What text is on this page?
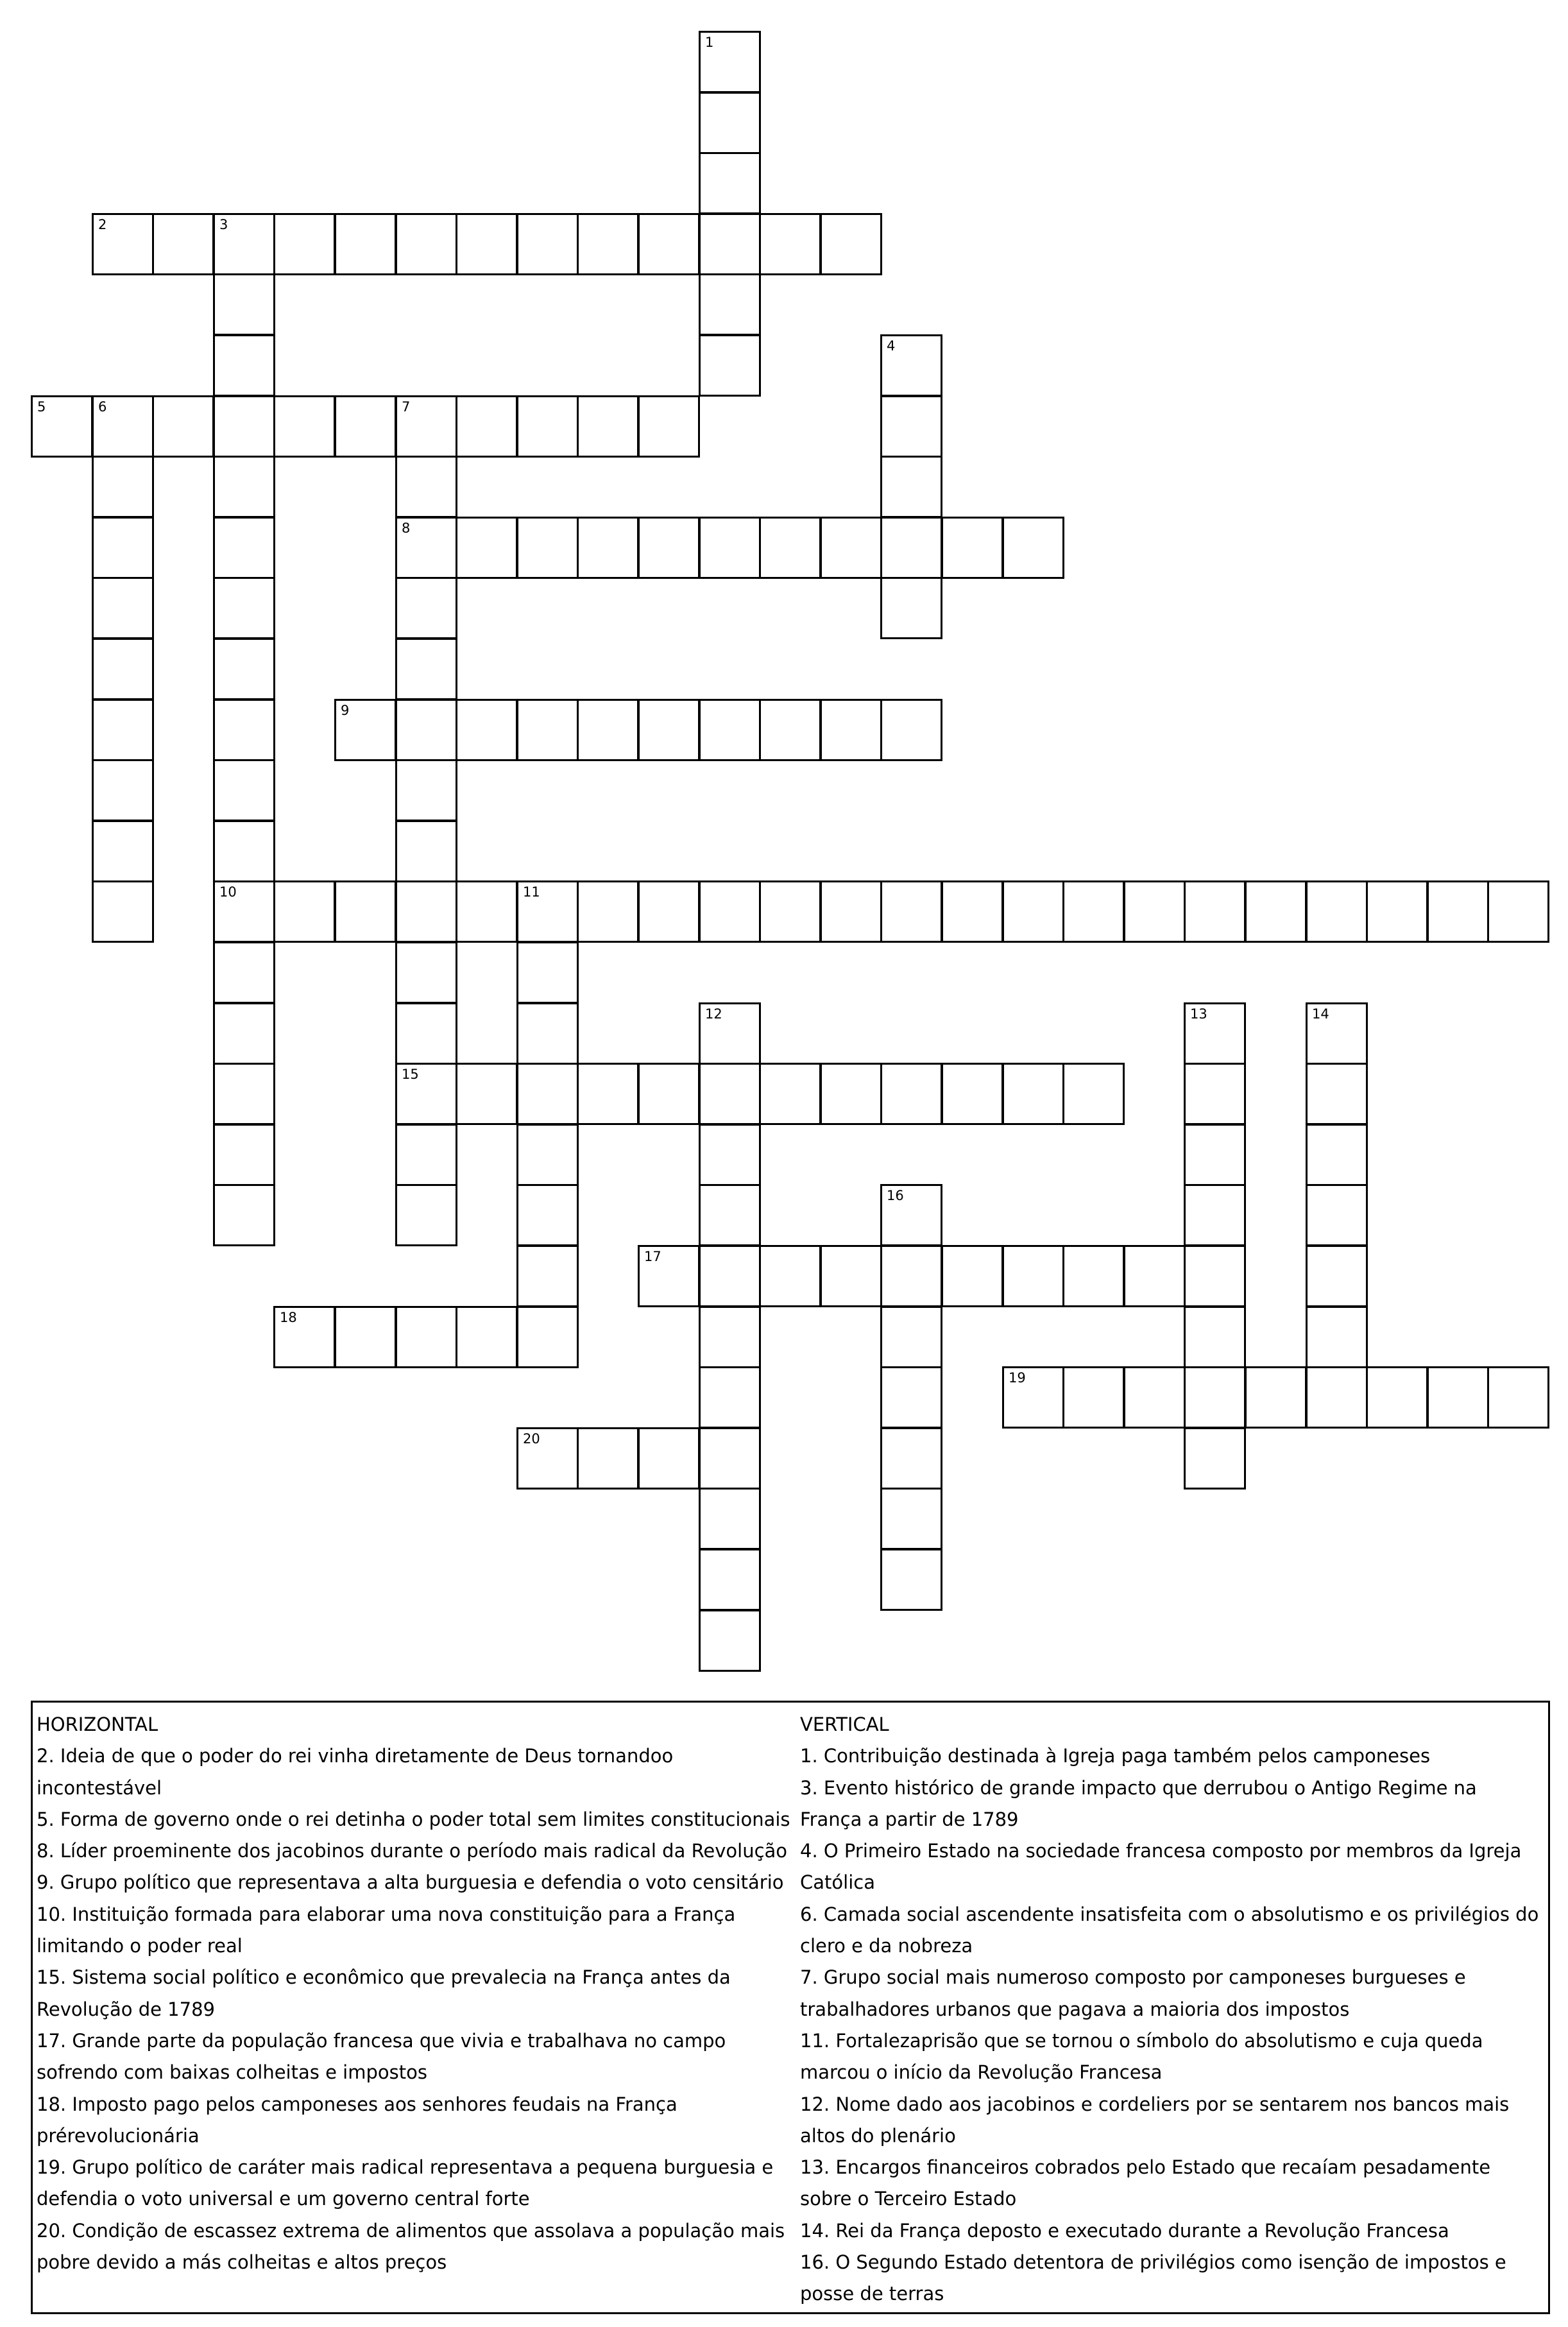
1
2	3
10
4
5	6	7
8
15
9
11
12	13	14
16
17
18
19
20

HORIZONTAL

2. Ideia de que o poder do rei vinha diretamente de Deus tornandoo incontestável

5. Forma de governo onde o rei detinha o poder total sem limites constitucionais

8. Líder proeminente dos jacobinos durante o período mais radical da Revolução

9. Grupo político que representava a alta burguesia e defendia o voto censitário

10. Instituição formada para elaborar uma nova constituição para a França limitando o poder real

15. Sistema social político e econômico que prevalecia na França antes da Revolução de 1789

17. Grande parte da população francesa que vivia e trabalhava no campo sofrendo com baixas colheitas e impostos

18. Imposto pago pelos camponeses aos senhores feudais na França prérevolucionária

19. Grupo político de caráter mais radical representava a pequena burguesia e defendia o voto universal e um governo central forte

20. Condição de escassez extrema de alimentos que assolava a população mais pobre devido a más colheitas e altos preços

VERTICAL

1. Contribuição destinada à Igreja paga também pelos camponeses

3. Evento histórico de grande impacto que derrubou o Antigo Regime na França a partir de 1789

4. O Primeiro Estado na sociedade francesa composto por membros da Igreja Católica

6. Camada social ascendente insatisfeita com o absolutismo e os privilégios do clero e da nobreza

7. Grupo social mais numeroso composto por camponeses burgueses e trabalhadores urbanos que pagava a maioria dos impostos

11. Fortalezaprisão que se tornou o símbolo do absolutismo e cuja queda marcou o início da Revolução Francesa

12. Nome dado aos jacobinos e cordeliers por se sentarem nos bancos mais altos do plenário

13. Encargos financeiros cobrados pelo Estado que recaíam pesadamente sobre o Terceiro Estado

14. Rei da França deposto e executado durante a Revolução Francesa

16. O Segundo Estado detentora de privilégios como isenção de impostos e posse de terras
